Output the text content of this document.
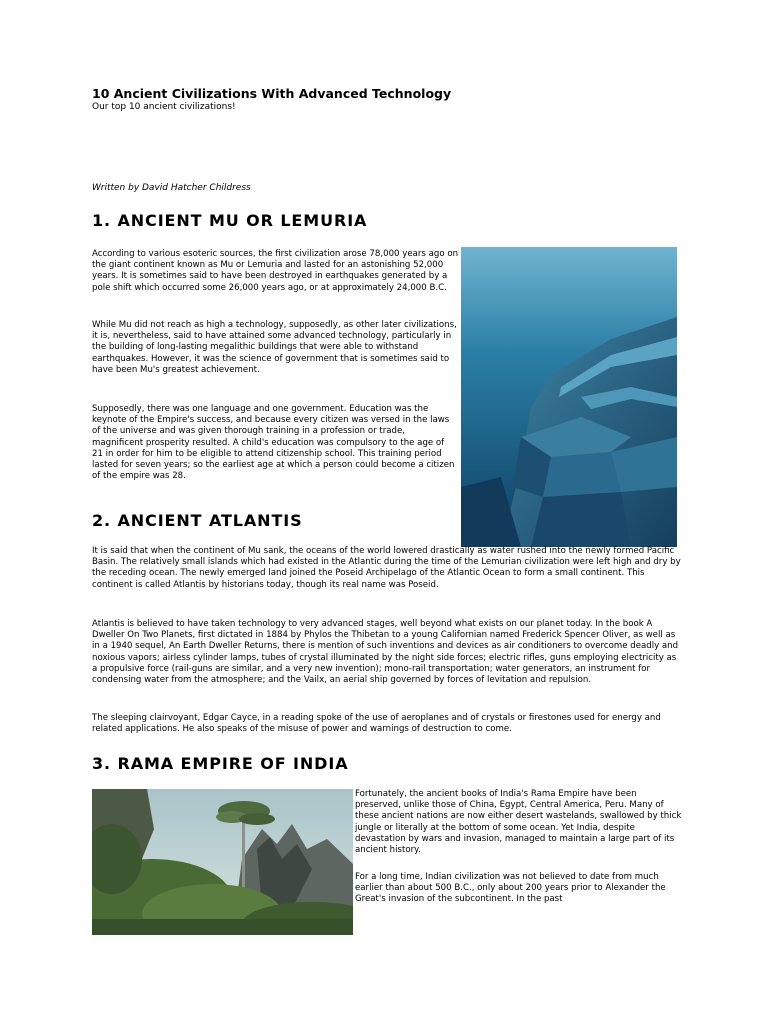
10 Ancient Civilizations With Advanced Technology

Our top 10 ancient civilizations!

Written by David Hatcher Childress

1. ANCIENT MU OR LEMURIA

According to various esoteric sources, the first civilization arose 78,000 years ago on the giant continent known as Mu or Lemuria and lasted for an astonishing 52,000 years. It is sometimes said to have been destroyed in earthquakes generated by a pole shift which occurred some 26,000 years ago, or at approximately 24,000 B.C.

While Mu did not reach as high a technology, supposedly, as other later civilizations, it is, nevertheless, said to have attained some advanced technology, particularly in the building of long-lasting megalithic buildings that were able to withstand earthquakes. However, it was the science of government that is sometimes said to have been Mu's greatest achievement.

Supposedly, there was one language and one government. Education was the keynote of the Empire's success, and because every citizen was versed in the laws of the universe and was given thorough training in a profession or trade, magnificent prosperity resulted. A child's education was compulsory to the age of 21 in order for him to be eligible to attend citizenship school. This training period lasted for seven years; so the earliest age at which a person could become a citizen of the empire was 28.

2. ANCIENT ATLANTIS

It is said that when the continent of Mu sank, the oceans of the world lowered drastically as water rushed into the newly formed Pacific Basin. The relatively small islands which had existed in the Atlantic during the time of the Lemurian civilization were left high and dry by the receding ocean. The newly emerged land joined the Poseid Archipelago of the Atlantic Ocean to form a small continent. This continent is called Atlantis by historians today, though its real name was Poseid.

Atlantis is believed to have taken technology to very advanced stages, well beyond what exists on our planet today. In the book A Dweller On Two Planets, first dictated in 1884 by Phylos the Thibetan to a young Californian named Frederick Spencer Oliver, as well as in a 1940 sequel, An Earth Dweller Returns, there is mention of such inventions and devices as air conditioners to overcome deadly and noxious vapors; airless cylinder lamps, tubes of crystal illuminated by the night side forces; electric rifles, guns employing electricity as a propulsive force (rail-guns are similar, and a very new invention); mono-rail transportation; water generators, an instrument for condensing water from the atmosphere; and the Vailx, an aerial ship governed by forces of levitation and repulsion.

The sleeping clairvoyant, Edgar Cayce, in a reading spoke of the use of aeroplanes and of crystals or firestones used for energy and related applications. He also speaks of the misuse of power and warnings of destruction to come.

3. RAMA EMPIRE OF INDIA

Fortunately, the ancient books of India's Rama Empire have been preserved, unlike those of China, Egypt, Central America, Peru. Many of these ancient nations are now either desert wastelands, swallowed by thick jungle or literally at the bottom of some ocean. Yet India, despite devastation by wars and invasion, managed to maintain a large part of its ancient history.

For a long time, Indian civilization was not believed to date from much earlier than about 500 B.C., only about 200 years prior to Alexander the Great's invasion of the subcontinent. In the past
